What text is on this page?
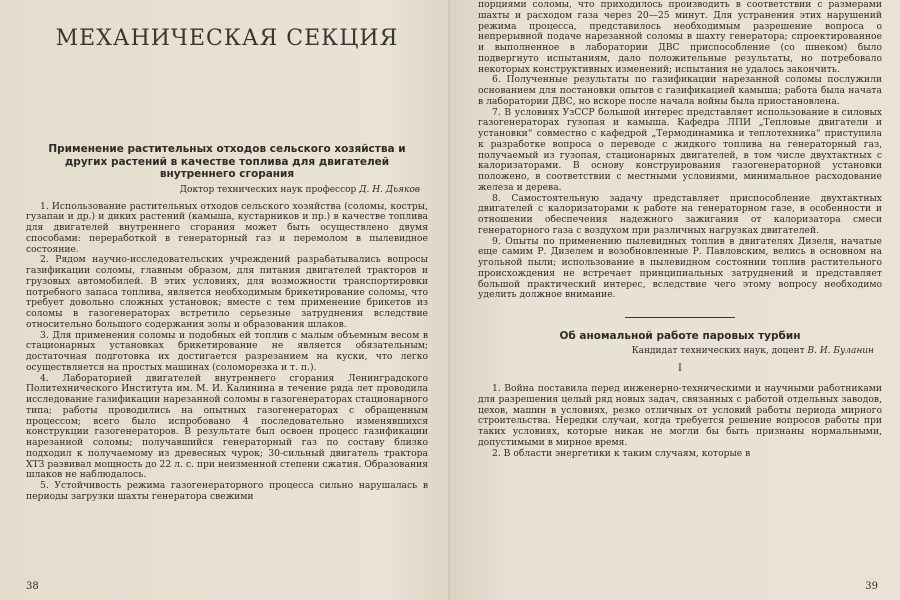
МЕХАНИЧЕСКАЯ СЕКЦИЯ
Применение растительных отходов сельского хозяйства и других растений в качестве топлива для двигателей внутреннего сгорания
Доктор технических наук профессор Д. Н. Дьяков

1. Использование растительных отходов сельского хозяйства (соломы, костры, гузапаи и др.) и диких растений (камыша, кустарников и пр.) в качестве топлива для двигателей внутреннего сгорания может быть осуществлено двумя способами: переработкой в генераторный газ и перемолом в пылевидное состояние.

2. Рядом научно-исследовательских учреждений разрабатывались вопросы газификации соломы, главным образом, для питания двигателей тракторов и грузовых автомобилей. В этих условиях, для возможности транспортировки потребного запаса топлива, является необходимым брикетирование соломы, что требует довольно сложных установок; вместе с тем применение брикетов из соломы в газогенераторах встретило серьезные затруднения вследствие относительно большого содержания золы и образования шлаков.

3. Для применения соломы и подобных ей топлив с малым объемным весом в стационарных установках брикетирование не является обязательным; достаточная подготовка их достигается разрезанием на куски, что легко осуществляется на простых машинах (соломорезка и т. п.).

4. Лабораторией двигателей внутреннего сгорания Ленинградского Политехнического Института им. М. И. Калинина в течение ряда лет проводила исследование газификации нарезанной соломы в газогенераторах стационарного типа; работы проводились на опытных газогенераторах с обращенным процессом; всего было испробовано 4 последовательно изменявшихся конструкции газогенераторов. В результате был освоен процесс газификации нарезанной соломы; получавшийся генераторный газ по составу близко подходил к получаемому из древесных чурок; 30-сильный двигатель трактора ХТЗ развивал мощность до 22 л. с. при неизменной степени сжатия. Образования шлаков не наблюдалось.

5. Устойчивость режима газогенераторного процесса сильно нарушалась в периоды загрузки шахты генератора свежими

38

порциями соломы, что приходилось производить в соответствии с размерами шахты и расходом газа через 20—25 минут. Для устранения этих нарушений режима процесса, представилось необходимым разрешение вопроса о непрерывной подаче нарезанной соломы в шахту генератора; спроектированное и выполненное в лаборатории ДВС приспособление (со шнеком) было подвергнуто испытаниям, дало положительные результаты, но потребовало некоторых конструктивных изменений; испытания не удалось закончить.

6. Полученные результаты по газификации нарезанной соломы послужили основанием для постановки опытов с газификацией камыша; работа была начата в лаборатории ДВС, но вскоре после начала войны была приостановлена.

7. В условиях УзССР большой интерес представляет использование в силовых газогенераторах гузопая и камыша. Кафедра ЛПИ „Тепловые двигатели и установки“ совместно с кафедрой „Термодинамика и теплотехника“ приступила к разработке вопроса о переводе с жидкого топлива на генераторный газ, получаемый из гузопая, стационарных двигателей, в том числе двухтактных с калоризаторами. В основу конструирования газогенераторной установки положено, в соответствии с местными условиями, минимальное расходование железа и дерева.

8. Самостоятельную задачу представляет приспособление двухтактных двигателей с калоризаторами к работе на генераторном газе, в особенности и отношении обеспечения надежного зажигания от калоризатора смеси генераторного газа с воздухом при различных нагрузках двигателей.

9. Опыты по применению пылевидных топлив в двигателях Дизеля, начатые еще самим Р. Дизелем и возобновленные Р. Павловским, велись в основном на угольной пыли; использование в пылевидном состоянии топлив растительного происхождения не встречает принципиальных затруднений и представляет большой практический интерес, вследствие чего этому вопросу необходимо уделить должное внимание.

Об аномальной работе паровых турбин
Кандидат технических наук, доцент В. И. Буланин
I

1. Война поставила перед инженерно-техническими и научными работниками для разрешения целый ряд новых задач, связанных с работой отдельных заводов, цехов, машин в условиях, резко отличных от условий работы периода мирного строительства. Нередки случаи, когда требуется решение вопросов работы при таких условиях, которые никак не могли бы быть признаны нормальными, допустимыми в мирное время.

2. В области энергетики к таким случаям, которые в

39
